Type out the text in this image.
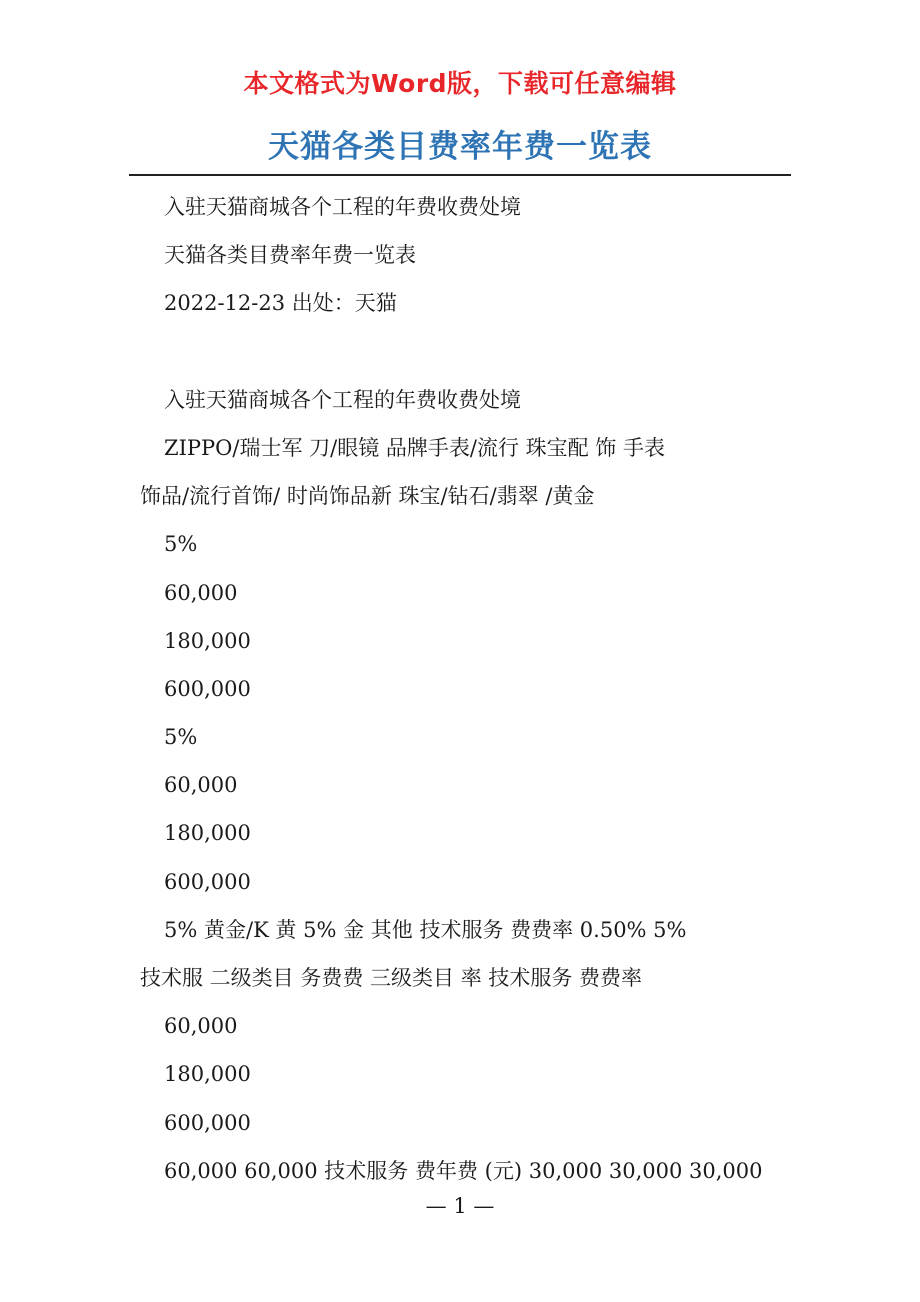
本文格式为Word版，下载可任意编辑
天猫各类目费率年费一览表
入驻天猫商城各个工程的年费收费处境
天猫各类目费率年费一览表
2022-12-23 出处：天猫
入驻天猫商城各个工程的年费收费处境
ZIPPO/瑞士军 刀/眼镜 品牌手表/流行 珠宝配 饰 手表
饰品/流行首饰/ 时尚饰品新 珠宝/钻石/翡翠 /黄金
5%
60,000
180,000
600,000
5%
60,000
180,000
600,000
5% 黄金/K 黄 5% 金 其他 技术服务 费费率 0.50% 5%
技术服 二级类目 务费费 三级类目 率 技术服务 费费率
60,000
180,000
600,000
60,000 60,000 技术服务 费年费 (元) 30,000 30,000 30,000
— 1 —
